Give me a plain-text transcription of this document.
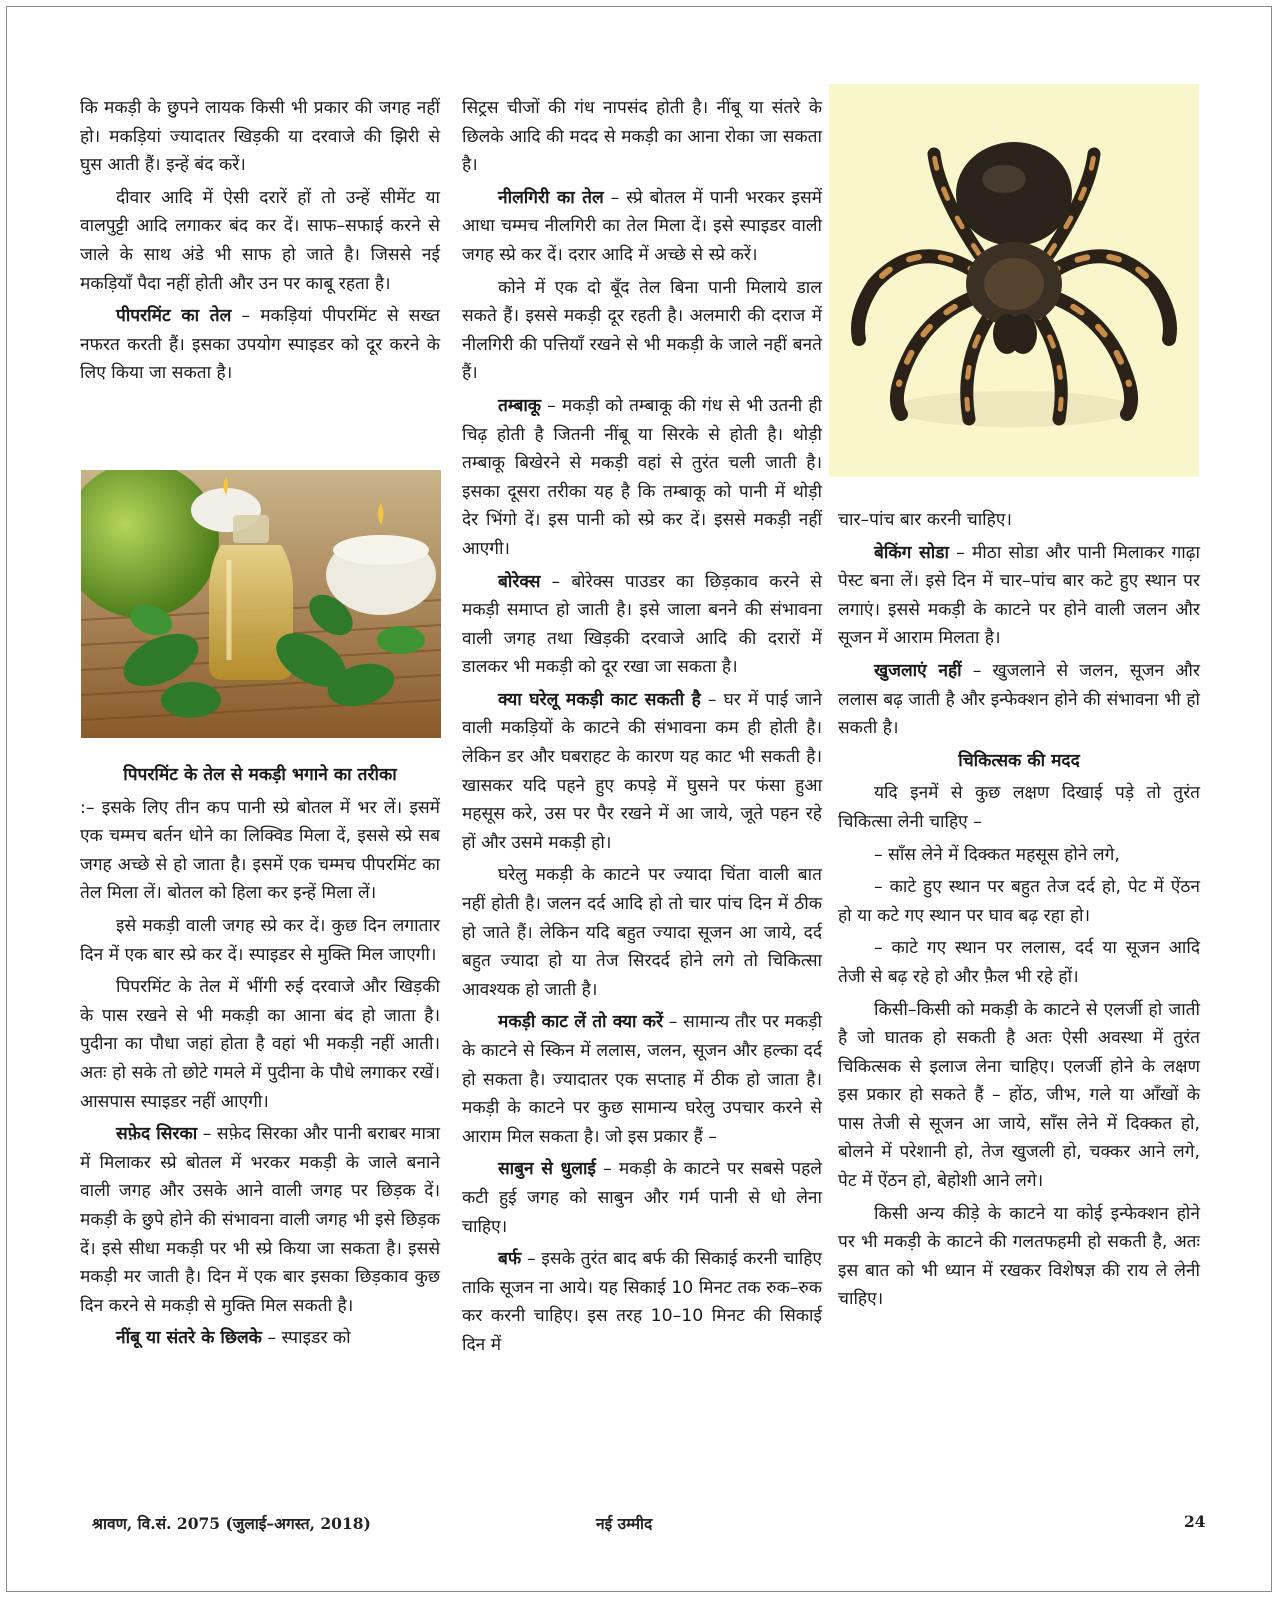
कि मकड़ी के छुपने लायक किसी भी प्रकार की जगह नहीं हो। मकड़ियां ज्यादातर खिड़की या दरवाजे की झिरी से घुस आती हैं। इन्हें बंद करें।

दीवार आदि में ऐसी दरारें हों तो उन्हें सीमेंट या वालपुट्टी आदि लगाकर बंद कर दें। साफ–सफाई करने से जाले के साथ अंडे भी साफ हो जाते है। जिससे नई मकड़ियाँ पैदा नहीं होती और उन पर काबू रहता है।

पीपरमिंट का तेल – मकड़ियां पीपरमिंट से सख्त नफरत करती हैं। इसका उपयोग स्पाइडर को दूर करने के लिए किया जा सकता है।

पिपरमिंट के तेल से मकड़ी भगाने का तरीका

:– इसके लिए तीन कप पानी स्प्रे बोतल में भर लें। इसमें एक चम्मच बर्तन धोने का लिक्विड मिला दें, इससे स्प्रे सब जगह अच्छे से हो जाता है। इसमें एक चम्मच पीपरमिंट का तेल मिला लें। बोतल को हिला कर इन्हें मिला लें।

इसे मकड़ी वाली जगह स्प्रे कर दें। कुछ दिन लगातार दिन में एक बार स्प्रे कर दें। स्पाइडर से मुक्ति मिल जाएगी।

पिपरमिंट के तेल में भींगी रुई दरवाजे और खिड़की के पास रखने से भी मकड़ी का आना बंद हो जाता है। पुदीना का पौधा जहां होता है वहां भी मकड़ी नहीं आती। अतः हो सके तो छोटे गमले में पुदीना के पौधे लगाकर रखें। आसपास स्पाइडर नहीं आएगी।

सफ़ेद सिरका – सफ़ेद सिरका और पानी बराबर मात्रा में मिलाकर स्प्रे बोतल में भरकर मकड़ी के जाले बनाने वाली जगह और उसके आने वाली जगह पर छिड़क दें। मकड़ी के छुपे होने की संभावना वाली जगह भी इसे छिड़क दें। इसे सीधा मकड़ी पर भी स्प्रे किया जा सकता है। इससे मकड़ी मर जाती है। दिन में एक बार इसका छिड़काव कुछ दिन करने से मकड़ी से मुक्ति मिल सकती है।

नींबू या संतरे के छिलके – स्पाइडर को

सिट्रस चीजों की गंध नापसंद होती है। नींबू या संतरे के छिलके आदि की मदद से मकड़ी का आना रोका जा सकता है।

नीलगिरी का तेल – स्प्रे बोतल में पानी भरकर इसमें आधा चम्मच नीलगिरी का तेल मिला दें। इसे स्पाइडर वाली जगह स्प्रे कर दें। दरार आदि में अच्छे से स्प्रे करें।

कोने में एक दो बूँद तेल बिना पानी मिलाये डाल सकते हैं। इससे मकड़ी दूर रहती है। अलमारी की दराज में नीलगिरी की पत्तियाँ रखने से भी मकड़ी के जाले नहीं बनते हैं।

तम्बाकू – मकड़ी को तम्बाकू की गंध से भी उतनी ही चिढ़ होती है जितनी नींबू या सिरके से होती है। थोड़ी तम्बाकू बिखेरने से मकड़ी वहां से तुरंत चली जाती है। इसका दूसरा तरीका यह है कि तम्बाकू को पानी में थोड़ी देर भिंगो दें। इस पानी को स्प्रे कर दें। इससे मकड़ी नहीं आएगी।

बोरेक्स – बोरेक्स पाउडर का छिड़काव करने से मकड़ी समाप्त हो जाती है। इसे जाला बनने की संभावना वाली जगह तथा खिड़की दरवाजे आदि की दरारों में डालकर भी मकड़ी को दूर रखा जा सकता है।

क्या घरेलू मकड़ी काट सकती है – घर में पाई जाने वाली मकड़ियों के काटने की संभावना कम ही होती है। लेकिन डर और घबराहट के कारण यह काट भी सकती है। खासकर यदि पहने हुए कपड़े में घुसने पर फंसा हुआ महसूस करे, उस पर पैर रखने में आ जाये, जूते पहन रहे हों और उसमे मकड़ी हो।

घरेलु मकड़ी के काटने पर ज्यादा चिंता वाली बात नहीं होती है। जलन दर्द आदि हो तो चार पांच दिन में ठीक हो जाते हैं। लेकिन यदि बहुत ज्यादा सूजन आ जाये, दर्द बहुत ज्यादा हो या तेज सिरदर्द होने लगे तो चिकित्सा आवश्यक हो जाती है।

मकड़ी काट लें तो क्या करें – सामान्य तौर पर मकड़ी के काटने से स्किन में ललास, जलन, सूजन और हल्का दर्द हो सकता है। ज्यादातर एक सप्ताह में ठीक हो जाता है। मकड़ी के काटने पर कुछ सामान्य घरेलु उपचार करने से आराम मिल सकता है। जो इस प्रकार हैं –

साबुन से धुलाई – मकड़ी के काटने पर सबसे पहले कटी हुई जगह को साबुन और गर्म पानी से धो लेना चाहिए।

बर्फ – इसके तुरंत बाद बर्फ की सिकाई करनी चाहिए ताकि सूजन ना आये। यह सिकाई 10 मिनट तक रुक–रुक कर करनी चाहिए। इस तरह 10–10 मिनट की सिकाई दिन में

चार–पांच बार करनी चाहिए।

बेकिंग सोडा – मीठा सोडा और पानी मिलाकर गाढ़ा पेस्ट बना लें। इसे दिन में चार–पांच बार कटे हुए स्थान पर लगाएं। इससे मकड़ी के काटने पर होने वाली जलन और सूजन में आराम मिलता है।

खुजलाएं नहीं – खुजलाने से जलन, सूजन और ललास बढ़ जाती है और इन्फेक्शन होने की संभावना भी हो सकती है।

चिकित्सक की मदद

यदि इनमें से कुछ लक्षण दिखाई पड़े तो तुरंत चिकित्सा लेनी चाहिए –

– साँस लेने में दिक्कत महसूस होने लगे,

– काटे हुए स्थान पर बहुत तेज दर्द हो, पेट में ऐंठन हो या कटे गए स्थान पर घाव बढ़ रहा हो।

– काटे गए स्थान पर ललास, दर्द या सूजन आदि तेजी से बढ़ रहे हो और फ़ैल भी रहे हों।

किसी–किसी को मकड़ी के काटने से एलर्जी हो जाती है जो घातक हो सकती है अतः ऐसी अवस्था में तुरंत चिकित्सक से इलाज लेना चाहिए। एलर्जी होने के लक्षण इस प्रकार हो सकते हैं – होंठ, जीभ, गले या आँखों के पास तेजी से सूजन आ जाये, साँस लेने में दिक्कत हो, बोलने में परेशानी हो, तेज खुजली हो, चक्कर आने लगे, पेट में ऐंठन हो, बेहोशी आने लगे।

किसी अन्य कीड़े के काटने या कोई इन्फेक्शन होने पर भी मकड़ी के काटने की गलतफहमी हो सकती है, अतः इस बात को भी ध्यान में रखकर विशेषज्ञ की राय ले लेनी चाहिए।

श्रावण, वि.सं. 2075 (जुलाई–अगस्त, 2018)	नई उम्मीद	24
